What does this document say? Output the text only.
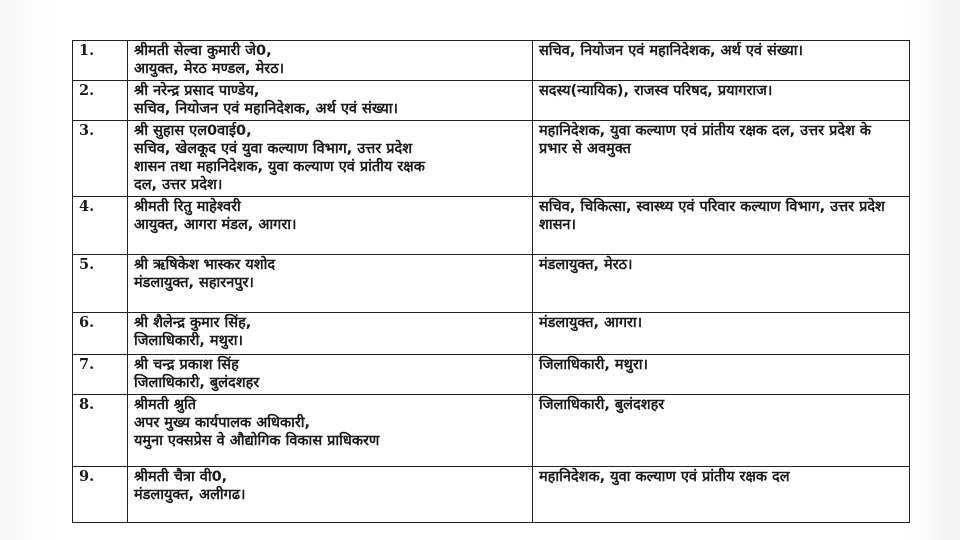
1.	श्रीमती सेल्वा कुमारी जे0,
आयुक्त, मेरठ मण्डल, मेरठ।	सचिव, नियोजन एवं महानिदेशक, अर्थ एवं संख्या।

2.	श्री नरेन्द्र प्रसाद पाण्डेय,
सचिव, नियोजन एवं महानिदेशक, अर्थ एवं संख्या।	सदस्य(न्यायिक), राजस्व परिषद, प्रयागराज।

3.	श्री सुहास एल0वाई0,
सचिव, खेलकूद एवं युवा कल्याण विभाग, उत्तर प्रदेश
शासन तथा महानिदेशक, युवा कल्याण एवं प्रांतीय रक्षक
दल, उत्तर प्रदेश।	महानिदेशक, युवा कल्याण एवं प्रांतीय रक्षक दल, उत्तर प्रदेश के प्रभार से अवमुक्त

4.	श्रीमती रितु माहेश्वरी
आयुक्त, आगरा मंडल, आगरा।	सचिव, चिकित्सा, स्वास्थ्य एवं परिवार कल्याण विभाग, उत्तर प्रदेश शासन।

5.	श्री ऋषिकेश भास्कर यशोद
मंडलायुक्त, सहारनपुर।	मंडलायुक्त, मेरठ।

6.	श्री शैलेन्द्र कुमार सिंह,
जिलाधिकारी, मथुरा।	मंडलायुक्त, आगरा।

7.	श्री चन्द्र प्रकाश सिंह
जिलाधिकारी, बुलंदशहर	जिलाधिकारी, मथुरा।

8.	श्रीमती श्रुति
अपर मुख्य कार्यपालक अधिकारी,
यमुना एक्सप्रेस वे औद्योगिक विकास प्राधिकरण	जिलाधिकारी, बुलंदशहर

9.	श्रीमती चैत्रा वी0,
मंडलायुक्त, अलीगढ।	महानिदेशक, युवा कल्याण एवं प्रांतीय रक्षक दल
